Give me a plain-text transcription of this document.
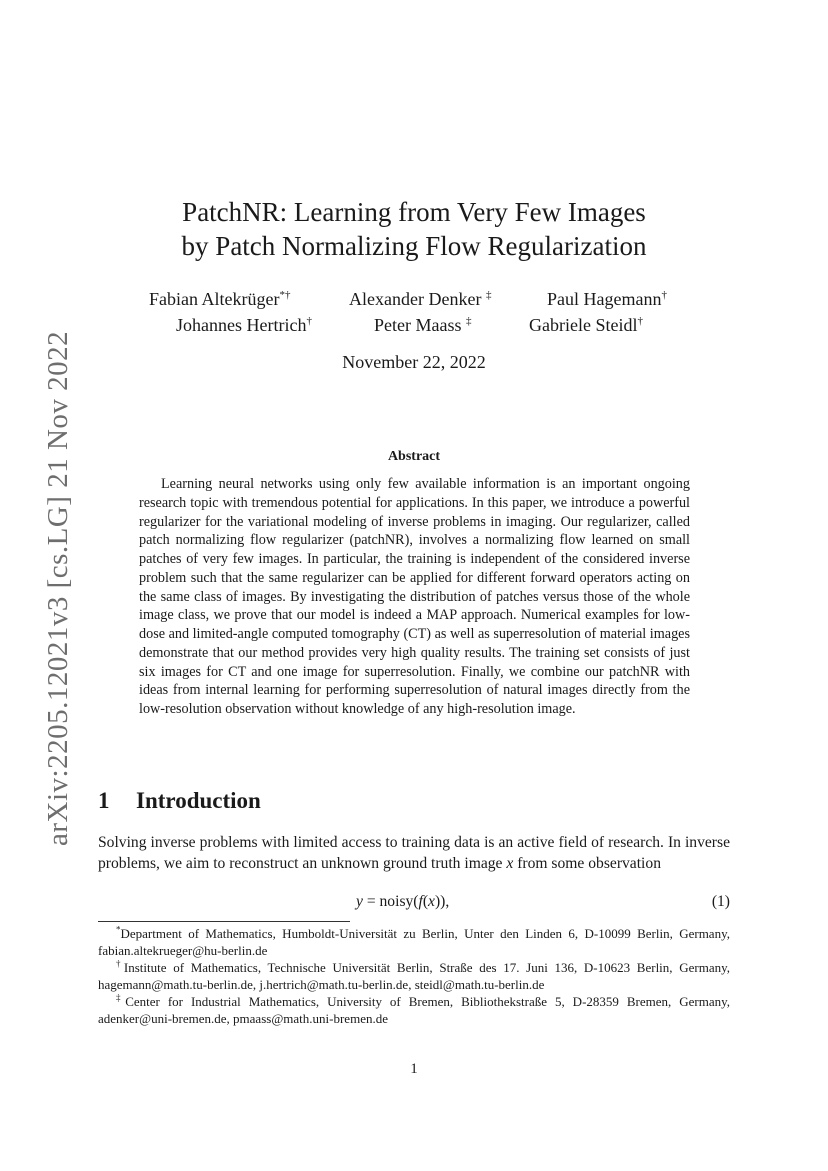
arXiv:2205.12021v3 [cs.LG] 21 Nov 2022
PatchNR: Learning from Very Few Images
by Patch Normalizing Flow Regularization
Fabian Altekrüger*†	Alexander Denker ‡	Paul Hagemann†
Johannes Hertrich†	Peter Maass ‡	Gabriele Steidl†
November 22, 2022
Abstract
Learning neural networks using only few available information is an important ongoing research topic with tremendous potential for applications. In this paper, we introduce a powerful regularizer for the variational modeling of inverse problems in imaging. Our regularizer, called patch normalizing flow regularizer (patchNR), involves a normalizing flow learned on small patches of very few images. In particular, the training is independent of the considered inverse problem such that the same regularizer can be applied for different forward operators acting on the same class of images. By investigating the distribution of patches versus those of the whole image class, we prove that our model is indeed a MAP approach. Numerical examples for low-dose and limited-angle computed tomography (CT) as well as superresolution of material images demonstrate that our method provides very high quality results. The training set consists of just six images for CT and one image for superresolution. Finally, we combine our patchNR with ideas from internal learning for performing superresolution of natural images directly from the low-resolution observation without knowledge of any high-resolution image.
1 Introduction

Solving inverse problems with limited access to training data is an active field of research. In inverse problems, we aim to reconstruct an unknown ground truth image x from some observation

y = noisy(f(x)),	(1)

*Department of Mathematics, Humboldt-Universität zu Berlin, Unter den Linden 6, D-10099 Berlin, Germany, fabian.altekrueger@hu-berlin.de

†Institute of Mathematics, Technische Universität Berlin, Straße des 17. Juni 136, D-10623 Berlin, Germany, hagemann@math.tu-berlin.de, j.hertrich@math.tu-berlin.de, steidl@math.tu-berlin.de

‡Center for Industrial Mathematics, University of Bremen, Bibliothekstraße 5, D-28359 Bremen, Germany, adenker@uni-bremen.de, pmaass@math.uni-bremen.de

1
